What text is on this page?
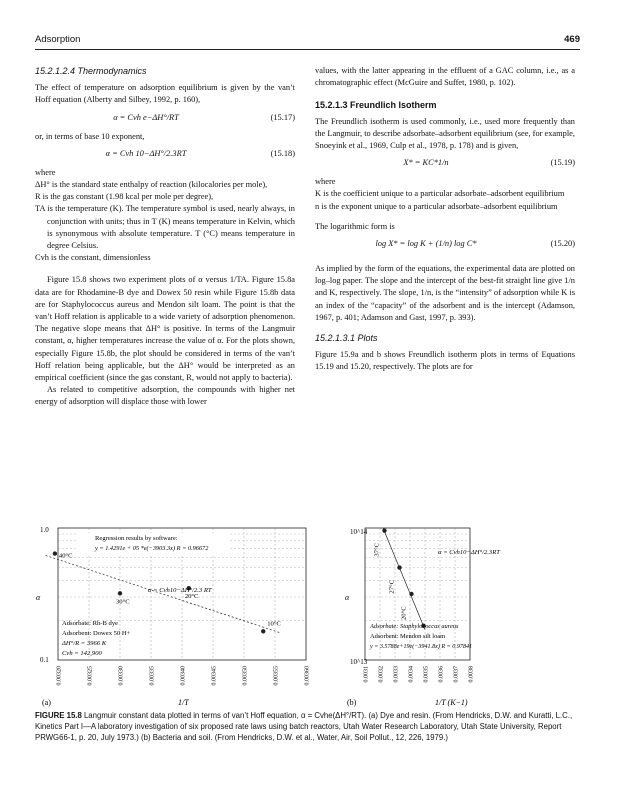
Adsorption	469

15.2.1.2.4 Thermodynamics

The effect of temperature on adsorption equilibrium is given by the van’t Hoff equation (Alberty and Silbey, 1992, p. 160),

α = Cvh e−ΔH°/RT	(15.17)

or, in terms of base 10 exponent,

α = Cvh 10−ΔH°/2.3RT	(15.18)

where

ΔH° is the standard state enthalpy of reaction (kilocalories per mole),

R is the gas constant (1.98 kcal per mole per degree),

TA is the temperature (K). The temperature symbol is used, nearly always, in conjunction with units; thus in T (K) means temperature in Kelvin, which is synonymous with absolute temperature. T (°C) means temperature in degree Celsius.

Cvh is the constant, dimensionless

Figure 15.8 shows two experiment plots of α versus 1/TA. Figure 15.8a data are for Rhodamine-B dye and Dowex 50 resin while Figure 15.8b data are for Staphylococcus aureus and Mendon silt loam. The point is that the van’t Hoff relation is applicable to a wide variety of adsorption phenomenon. The negative slope means that ΔH° is positive. In terms of the Langmuir constant, α, higher temperatures increase the value of α. For the plots shown, especially Figure 15.8b, the plot should be considered in terms of the van’t Hoff relation being applicable, but the ΔH° would be interpreted as an empirical coefficient (since the gas constant, R, would not apply to bacteria).

As related to competitive adsorption, the compounds with higher net energy of adsorption will displace those with lower

values, with the latter appearing in the effluent of a GAC column, i.e., as a chromatographic effect (McGuire and Suffet, 1980, p. 102).

15.2.1.3 Freundlich Isotherm

The Freundlich isotherm is used commonly, i.e., used more frequently than the Langmuir, to describe adsorbate–adsorbent equilibrium (see, for example, Snoeyink et al., 1969, Culp et al., 1978, p. 178) and is given,

X* = KC*1/n	(15.19)

where

K is the coefficient unique to a particular adsorbate–adsorbent equilibrium

n is the exponent unique to a particular adsorbate–adsorbent equilibrium

The logarithmic form is

log X* = log K + (1/n) log C*	(15.20)

As implied by the form of the equations, the experimental data are plotted on log–log paper. The slope and the intercept of the best-fit straight line give 1/n and K, respectively. The slope, 1/n, is the “intensity” of adsorption while K is an index of the “capacity” of the adsorbent and is the intercept (Adamson, 1967, p. 401; Adamson and Gast, 1997, p. 393).

15.2.1.3.1 Plots

Figure 15.9a and b shows Freundlich isotherm plots in terms of Equations 15.19 and 15.20, respectively. The plots are for

0.00320	0.00325	0.00330	0.00335	0.00340	0.00345	0.00350	0.00355	0.00360
40°C
30°C
20°C
10°C
1.0
0.1
α
1/T
(a)
Regression results by software:
y = 1.4291e + 05 *e(−3903.3x) R = 0.96672
α = Cvh10−ΔH°/2.3 RT
Adsorbate: Rh-B dye
Adsorbent: Dowex 50 H+
ΔH°/R = 3966 K
Cvh = 142,900
0.0031 0.0032 0.0033 0.0034 0.0035 0.0036 0.0037 0.0038
37°C
27°C
20°C
10^14
10^13
α
1/T (K−1)
(b)
α = Cvh10−ΔH°/2.3RT
Adsorbate: Staphylococcus aureus
Adsorbent: Mendon silt loam
y = 3.5788e+19e(−3941.8x) R = 0.97841
FIGURE 15.8 Langmuir constant data plotted in terms of van’t Hoff equation, α = Cvhe(ΔH°/RT). (a) Dye and resin. (From Hendricks, D.W. and Kuratti, L.C., Kinetics Part I—A laboratory investigation of six proposed rate laws using batch reactors, Utah Water Research Laboratory, Utah State University, Report PRWG66-1, p. 20, July 1973.) (b) Bacteria and soil. (From Hendricks, D.W. et al., Water, Air, Soil Pollut., 12, 226, 1979.)
